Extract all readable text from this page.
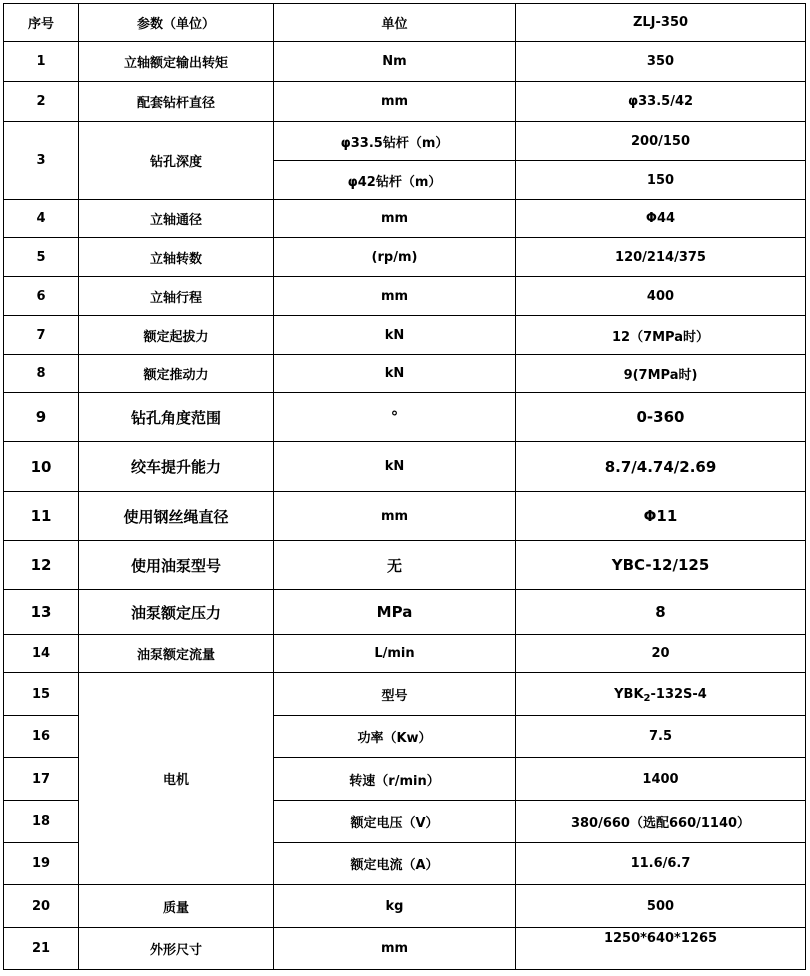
序号	参数（单位）	单位	ZLJ-350
1	立轴额定输出转矩	Nm	350
2	配套钻杆直径	mm	φ33.5/42
3	钻孔深度	φ33.5钻杆（m）	200/150
		φ42钻杆（m）	150
4	立轴通径	mm	Φ44
5	立轴转数	(rp/m)	120/214/375
6	立轴行程	mm	400
7	额定起拔力	kN	12（7MPa时）
8	额定推动力	kN	9(7MPa时)
9	钻孔角度范围	°	0-360
10	绞车提升能力	kN	8.7/4.74/2.69
11	使用钢丝绳直径	mm	Φ11
12	使用油泵型号	无	YBC-12/125
13	油泵额定压力	MPa	8
14	油泵额定流量	L/min	20
15	电机	型号	$YBK_2-132S-4$
16		功率（Kw）	7.5
17		转速（r/min）	1400
18		额定电压（V）	380/660（选配660/1140）
19		额定电流（A）	11.6/6.7
20	质量	kg	500
21	外形尺寸	mm	1250*640*1265
